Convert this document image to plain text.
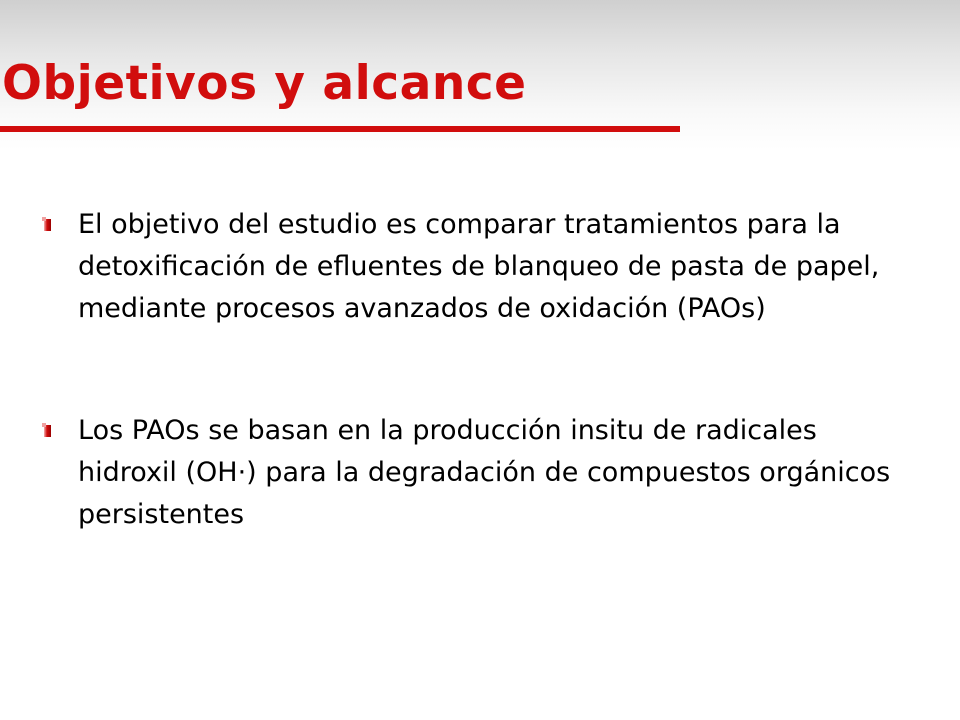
Objetivos y alcance
El objetivo del estudio es comparar tratamientos para la detoxificación de efluentes de blanqueo de pasta de papel, mediante procesos avanzados de oxidación (PAOs)
Los PAOs se basan en la producción insitu de radicales hidroxil (OH·) para la degradación de compuestos orgánicos persistentes
